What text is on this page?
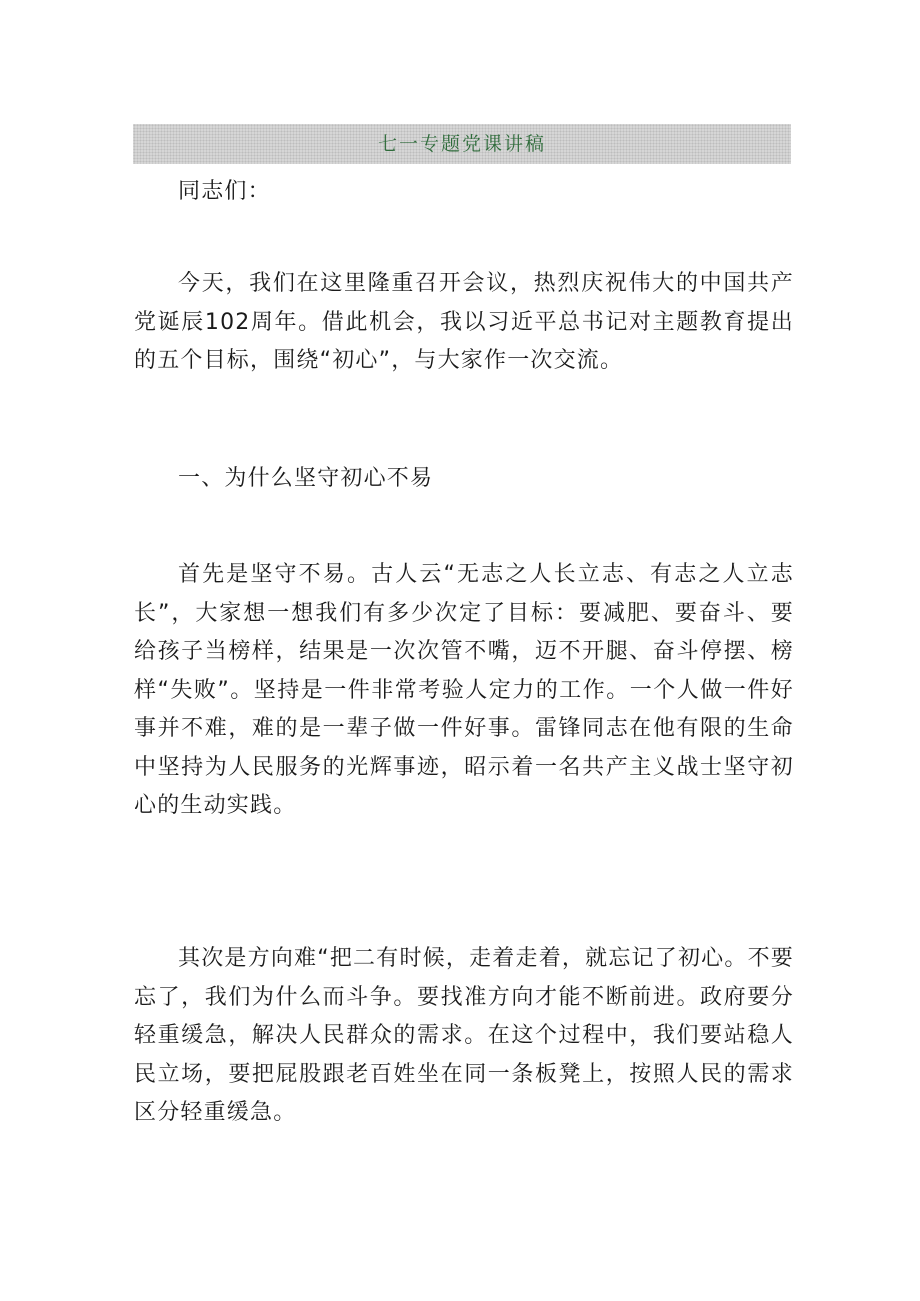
七一专题党课讲稿

同志们：

今天，我们在这里隆重召开会议，热烈庆祝伟大的中国共产党诞辰102周年。借此机会，我以习近平总书记对主题教育提出的五个目标，围绕“初心”，与大家作一次交流。

一、为什么坚守初心不易

首先是坚守不易。古人云“无志之人长立志、有志之人立志长”，大家想一想我们有多少次定了目标：要减肥、要奋斗、要给孩子当榜样，结果是一次次管不嘴，迈不开腿、奋斗停摆、榜样“失败”。坚持是一件非常考验人定力的工作。一个人做一件好事并不难，难的是一辈子做一件好事。雷锋同志在他有限的生命中坚持为人民服务的光辉事迹，昭示着一名共产主义战士坚守初心的生动实践。

其次是方向难“把二有时候，走着走着，就忘记了初心。不要忘了，我们为什么而斗争。要找准方向才能不断前进。政府要分轻重缓急，解决人民群众的需求。在这个过程中，我们要站稳人民立场，要把屁股跟老百姓坐在同一条板凳上，按照人民的需求区分轻重缓急。
